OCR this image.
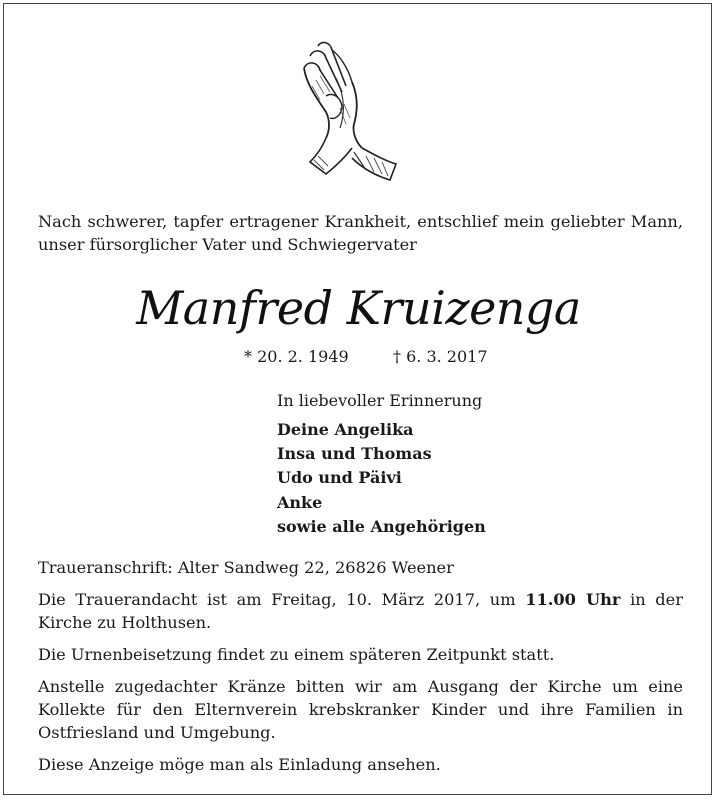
Nach schwerer, tapfer ertragener Krankheit, entschlief mein geliebter Mann, unser fürsorglicher Vater und Schwiegervater
Manfred Kruizenga
* 20. 2. 1949	† 6. 3. 2017
In liebevoller Erinnerung
Deine Angelika
Insa und Thomas
Udo und Päivi
Anke
sowie alle Angehörigen

Traueranschrift: Alter Sandweg 22, 26826 Weener

Die Trauerandacht ist am Freitag, 10. März 2017, um 11.00 Uhr in der Kirche zu Holthusen.

Die Urnenbeisetzung findet zu einem späteren Zeitpunkt statt.

Anstelle zugedachter Kränze bitten wir am Ausgang der Kirche um eine Kollekte für den Elternverein krebskranker Kinder und ihre Familien in Ostfriesland und Umgebung.

Diese Anzeige möge man als Einladung ansehen.
